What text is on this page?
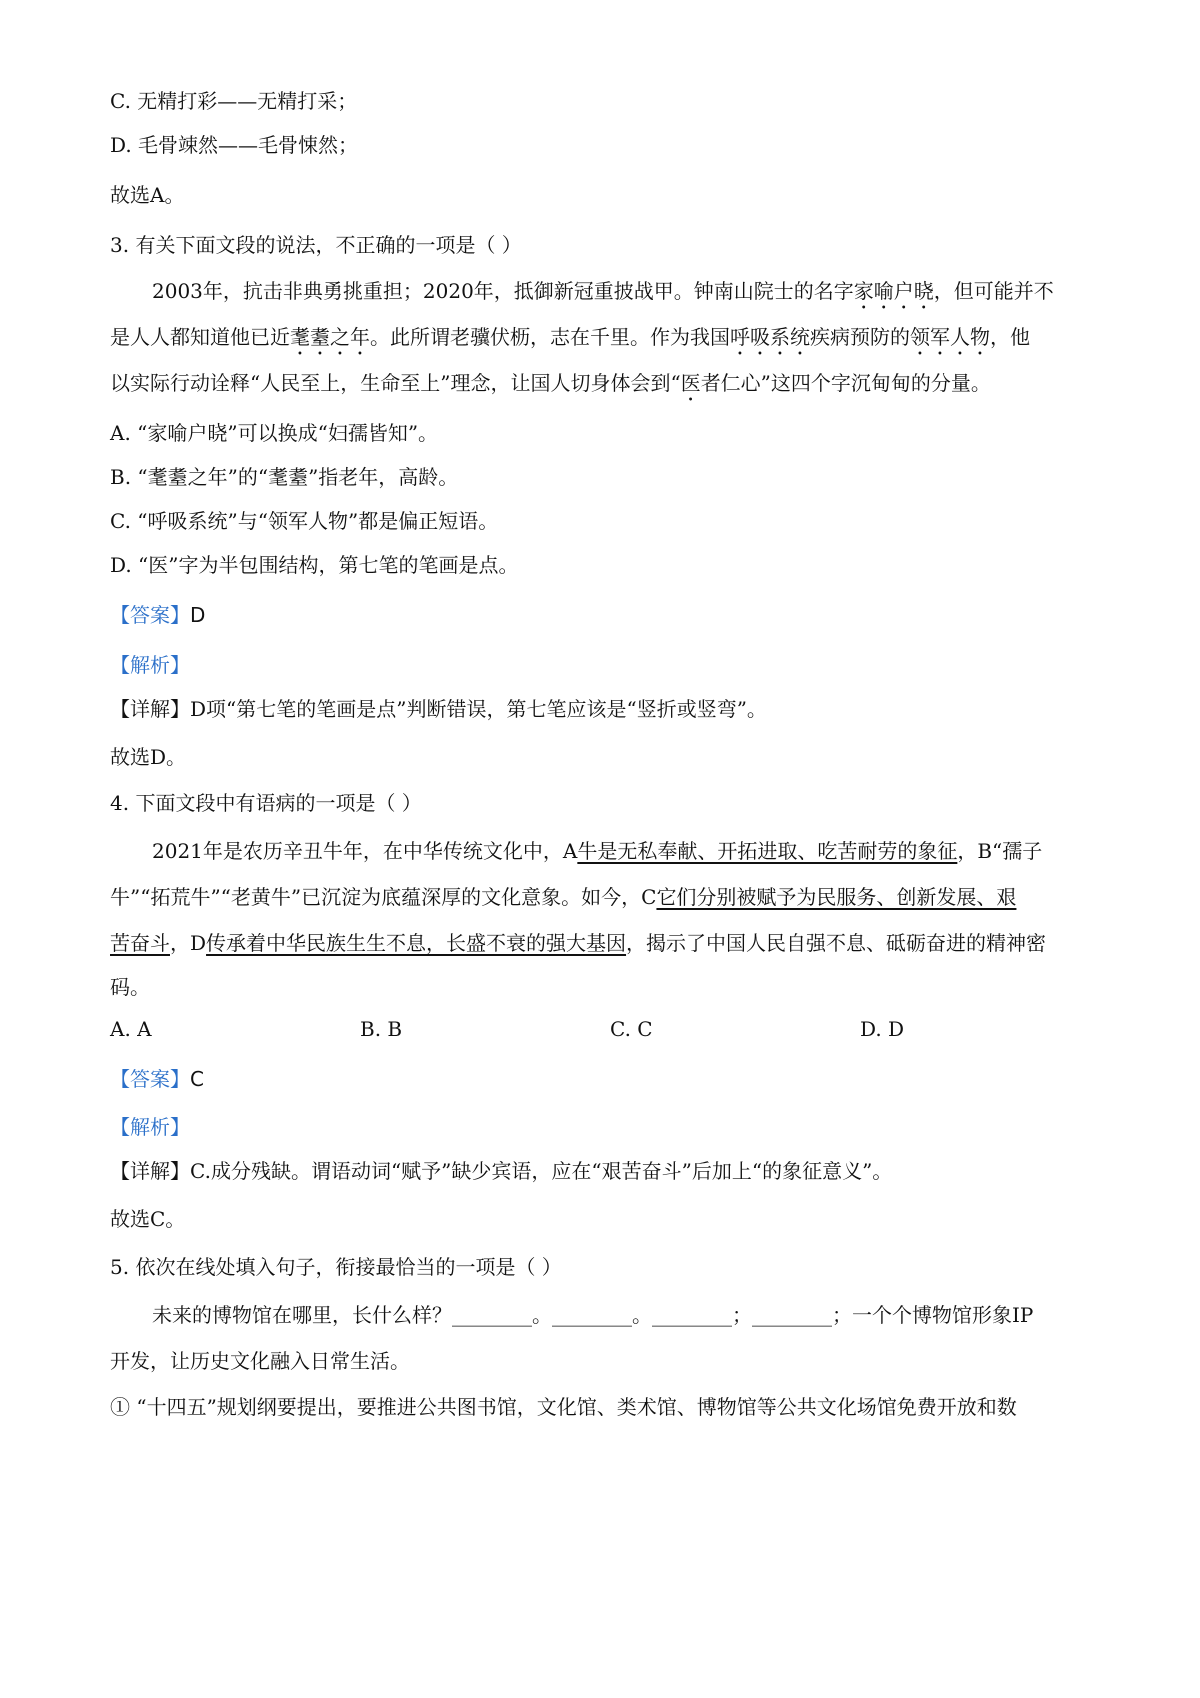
C. 无精打彩——无精打采；
D. 毛骨竦然——毛骨悚然；
故选A。
3. 有关下面文段的说法，不正确的一项是（ ）
2003年，抗击非典勇挑重担；2020年，抵御新冠重披战甲。钟南山院士的名字家喻户晓，但可能并不
是人人都知道他已近耄耋之年。此所谓老骥伏枥，志在千里。作为我国呼吸系统疾病预防的领军人物，他
以实际行动诠释“人民至上，生命至上”理念，让国人切身体会到“医者仁心”这四个字沉甸甸的分量。
A. “家喻户晓”可以换成“妇孺皆知”。
B. “耄耋之年”的“耄耋”指老年，高龄。
C. “呼吸系统”与“领军人物”都是偏正短语。
D. “医”字为半包围结构，第七笔的笔画是点。
【答案】D
【解析】
【详解】D项“第七笔的笔画是点”判断错误，第七笔应该是“竖折或竖弯”。
故选D。
4. 下面文段中有语病的一项是（ ）
2021年是农历辛丑牛年，在中华传统文化中，A牛是无私奉献、开拓进取、吃苦耐劳的象征，B“孺子
牛”“拓荒牛”“老黄牛”已沉淀为底蕴深厚的文化意象。如今，C它们分别被赋予为民服务、创新发展、艰
苦奋斗，D传承着中华民族生生不息，长盛不衰的强大基因，揭示了中国人民自强不息、砥砺奋进的精神密
码。
A. A	B. B	C. C	D. D
【答案】C
【解析】
【详解】C.成分残缺。谓语动词“赋予”缺少宾语，应在“艰苦奋斗”后加上“的象征意义”。
故选C。
5. 依次在线处填入句子，衔接最恰当的一项是（ ）
未来的博物馆在哪里，长什么样？________。________。________；________；一个个博物馆形象IP
开发，让历史文化融入日常生活。
① “十四五”规划纲要提出，要推进公共图书馆，文化馆、类术馆、博物馆等公共文化场馆免费开放和数
